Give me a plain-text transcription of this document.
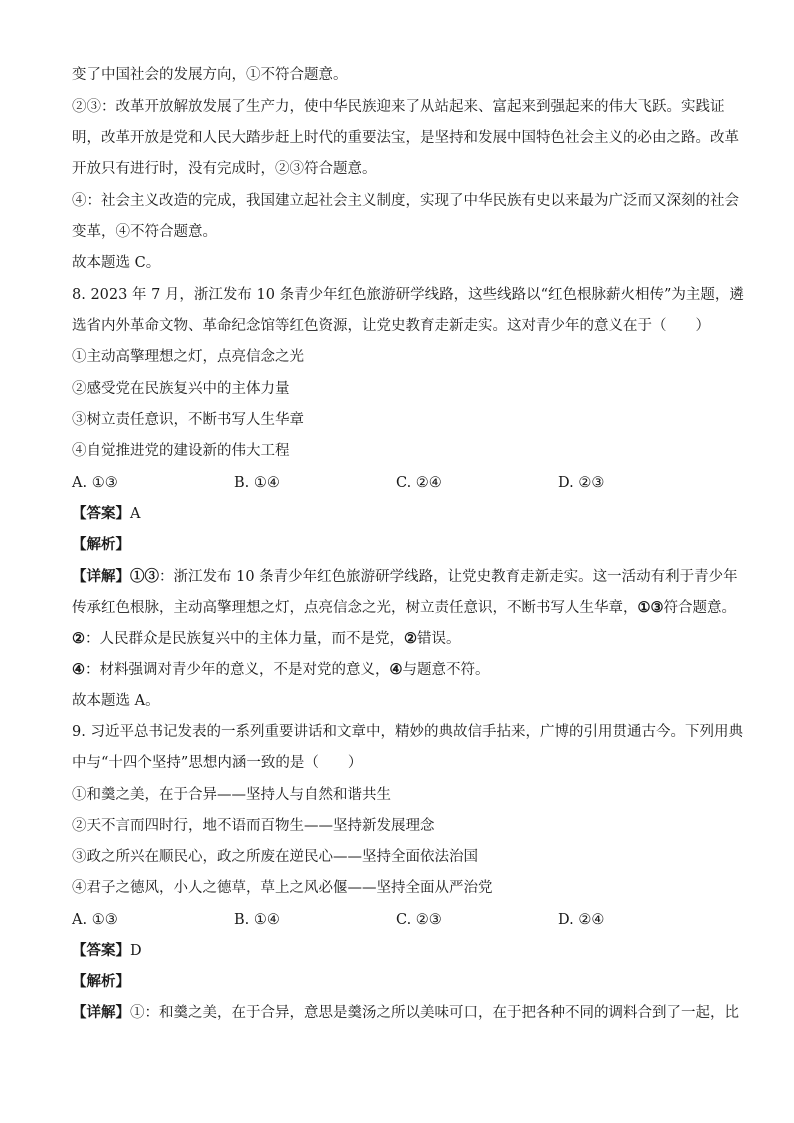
变了中国社会的发展方向，①不符合题意。
②③：改革开放解放发展了生产力，使中华民族迎来了从站起来、富起来到强起来的伟大飞跃。实践证
明，改革开放是党和人民大踏步赶上时代的重要法宝，是坚持和发展中国特色社会主义的必由之路。改革
开放只有进行时，没有完成时，②③符合题意。
④：社会主义改造的完成，我国建立起社会主义制度，实现了中华民族有史以来最为广泛而又深刻的社会
变革，④不符合题意。
故本题选 C。
8. 2023 年 7 月，浙江发布 10 条青少年红色旅游研学线路，这些线路以“红色根脉薪火相传”为主题，遴
选省内外革命文物、革命纪念馆等红色资源，让党史教育走新走实。这对青少年的意义在于（　　）
①主动高擎理想之灯，点亮信念之光
②感受党在民族复兴中的主体力量
③树立责任意识，不断书写人生华章
④自觉推进党的建设新的伟大工程
A. ①③	B. ①④	C. ②④	D. ②③
【答案】A
【解析】
【详解】①③：浙江发布 10 条青少年红色旅游研学线路，让党史教育走新走实。这一活动有利于青少年
传承红色根脉，主动高擎理想之灯，点亮信念之光，树立责任意识，不断书写人生华章，①③符合题意。
②：人民群众是民族复兴中的主体力量，而不是党，②错误。
④：材料强调对青少年的意义，不是对党的意义，④与题意不符。
故本题选 A。
9. 习近平总书记发表的一系列重要讲话和文章中，精妙的典故信手拈来，广博的引用贯通古今。下列用典
中与“十四个坚持”思想内涵一致的是（　　）
①和羹之美，在于合异——坚持人与自然和谐共生
②天不言而四时行，地不语而百物生——坚持新发展理念
③政之所兴在顺民心，政之所废在逆民心——坚持全面依法治国
④君子之德风，小人之德草，草上之风必偃——坚持全面从严治党
A. ①③	B. ①④	C. ②③	D. ②④
【答案】D
【解析】
【详解】①：和羹之美，在于合异，意思是羹汤之所以美味可口，在于把各种不同的调料合到了一起，比
